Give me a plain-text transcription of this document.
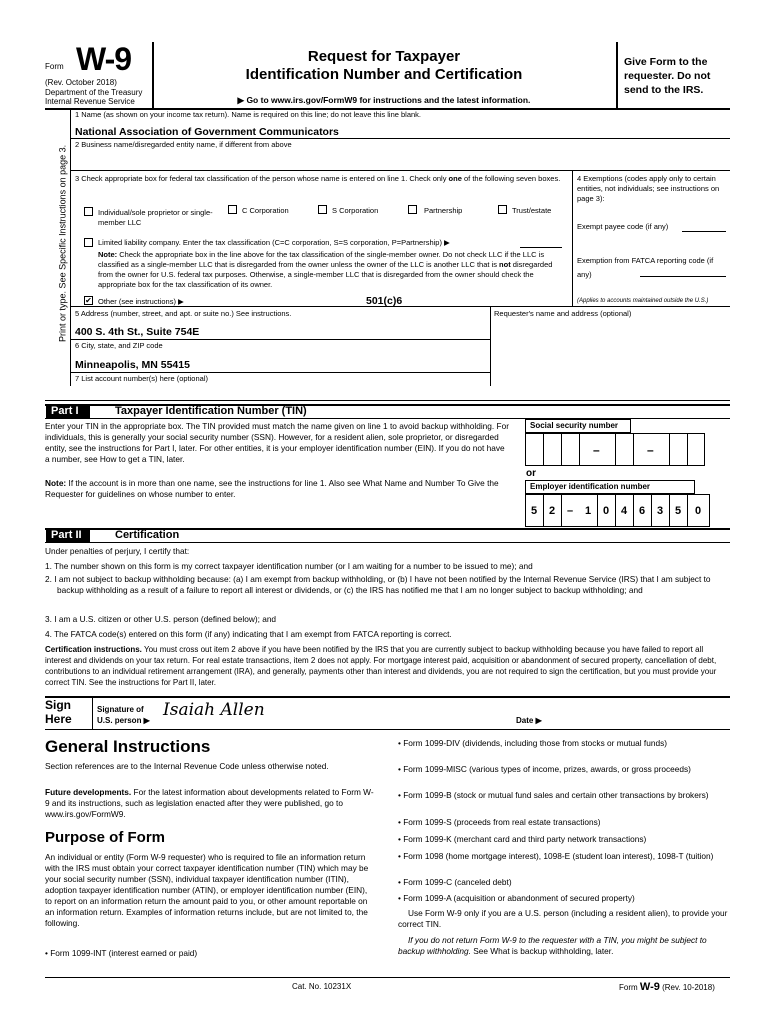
Form W-9
(Rev. October 2018)
Department of the Treasury
Internal Revenue Service
Request for Taxpayer
Identification Number and Certification
▶ Go to www.irs.gov/FormW9 for instructions and the latest information.
Give Form to the requester. Do not send to the IRS.
Print or type. See Specific Instructions on page 3.
1 Name (as shown on your income tax return). Name is required on this line; do not leave this line blank.
National Association of Government Communicators
2 Business name/disregarded entity name, if different from above
3 Check appropriate box for federal tax classification of the person whose name is entered on line 1. Check only one of the following seven boxes.
Individual/sole proprietor or single-member LLC
C Corporation	S Corporation	Partnership	Trust/estate
Limited liability company. Enter the tax classification (C=C corporation, S=S corporation, P=Partnership) ▶
Note: Check the appropriate box in the line above for the tax classification of the single-member owner. Do not check LLC if the LLC is classified as a single-member LLC that is disregarded from the owner unless the owner of the LLC is another LLC that is not disregarded from the owner for U.S. federal tax purposes. Otherwise, a single-member LLC that is disregarded from the owner should check the appropriate box for the tax classification of its owner.
✔ Other (see instructions) ▶	501(c)6
4 Exemptions (codes apply only to certain entities, not individuals; see instructions on page 3):
Exempt payee code (if any)
Exemption from FATCA reporting code (if any)
(Applies to accounts maintained outside the U.S.)
5 Address (number, street, and apt. or suite no.) See instructions.
400 S. 4th St., Suite 754E
Requester's name and address (optional)
6 City, state, and ZIP code
Minneapolis, MN 55415
7 List account number(s) here (optional)
Part I	Taxpayer Identification Number (TIN)
Enter your TIN in the appropriate box. The TIN provided must match the name given on line 1 to avoid backup withholding. For individuals, this is generally your social security number (SSN). However, for a resident alien, sole proprietor, or disregarded entity, see the instructions for Part I, later. For other entities, it is your employer identification number (EIN). If you do not have a number, see How to get a TIN, later.
Note: If the account is in more than one name, see the instructions for line 1. Also see What Name and Number To Give the Requester for guidelines on whose number to enter.
Social security number
–	–
or
Employer identification number
5	2	–	1	0	4	6	3	5	0
Part II	Certification
Under penalties of perjury, I certify that:
1. The number shown on this form is my correct taxpayer identification number (or I am waiting for a number to be issued to me); and
2. I am not subject to backup withholding because: (a) I am exempt from backup withholding, or (b) I have not been notified by the Internal Revenue Service (IRS) that I am subject to backup withholding as a result of a failure to report all interest or dividends, or (c) the IRS has notified me that I am no longer subject to backup withholding; and
3. I am a U.S. citizen or other U.S. person (defined below); and
4. The FATCA code(s) entered on this form (if any) indicating that I am exempt from FATCA reporting is correct.
Certification instructions. You must cross out item 2 above if you have been notified by the IRS that you are currently subject to backup withholding because you have failed to report all interest and dividends on your tax return. For real estate transactions, item 2 does not apply. For mortgage interest paid, acquisition or abandonment of secured property, cancellation of debt, contributions to an individual retirement arrangement (IRA), and generally, payments other than interest and dividends, you are not required to sign the certification, but you must provide your correct TIN. See the instructions for Part II, later.
Sign
Here
Signature of
U.S. person ▶
Isaiah Allen
Date ▶
General Instructions
Section references are to the Internal Revenue Code unless otherwise noted.
Future developments. For the latest information about developments related to Form W-9 and its instructions, such as legislation enacted after they were published, go to www.irs.gov/FormW9.
Purpose of Form
An individual or entity (Form W-9 requester) who is required to file an information return with the IRS must obtain your correct taxpayer identification number (TIN) which may be your social security number (SSN), individual taxpayer identification number (ITIN), adoption taxpayer identification number (ATIN), or employer identification number (EIN), to report on an information return the amount paid to you, or other amount reportable on an information return. Examples of information returns include, but are not limited to, the following.
• Form 1099-INT (interest earned or paid)
• Form 1099-DIV (dividends, including those from stocks or mutual funds)
• Form 1099-MISC (various types of income, prizes, awards, or gross proceeds)
• Form 1099-B (stock or mutual fund sales and certain other transactions by brokers)
• Form 1099-S (proceeds from real estate transactions)
• Form 1099-K (merchant card and third party network transactions)
• Form 1098 (home mortgage interest), 1098-E (student loan interest), 1098-T (tuition)
• Form 1099-C (canceled debt)
• Form 1099-A (acquisition or abandonment of secured property)
Use Form W-9 only if you are a U.S. person (including a resident alien), to provide your correct TIN.
If you do not return Form W-9 to the requester with a TIN, you might be subject to backup withholding. See What is backup withholding, later.
Cat. No. 10231X	Form W-9 (Rev. 10-2018)
